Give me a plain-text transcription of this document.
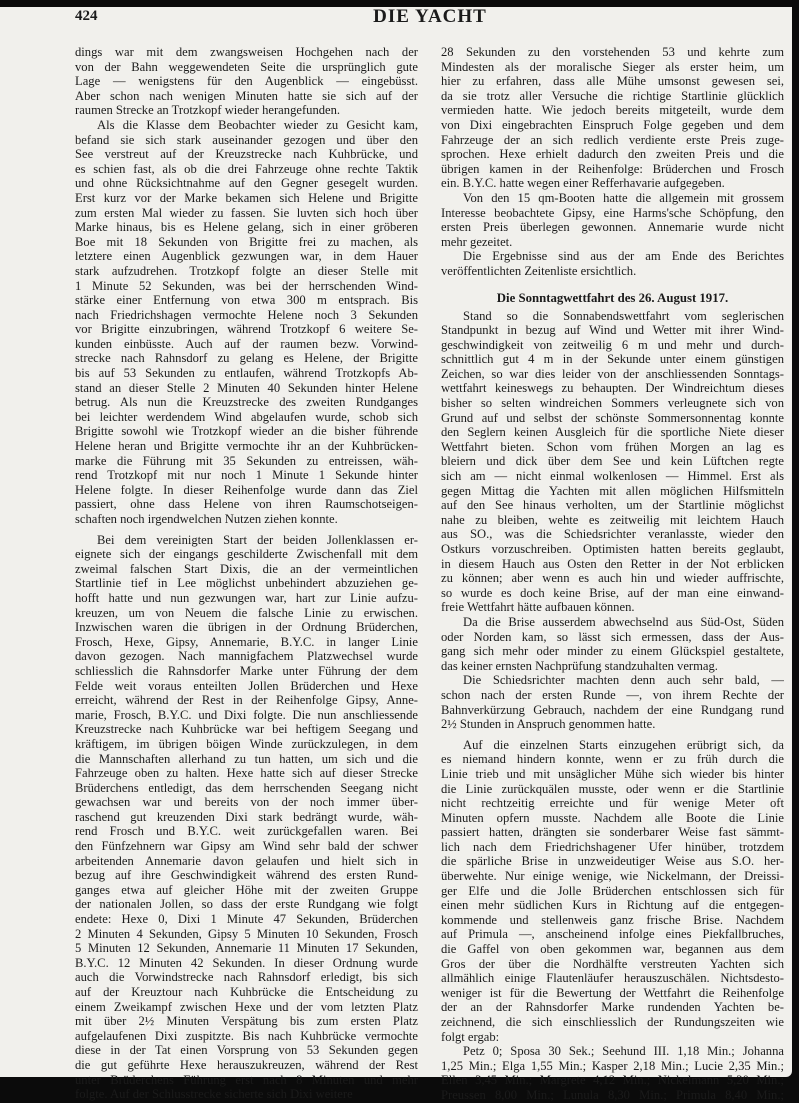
424	DIE YACHT
dings war mit dem zwangsweisen Hochgehen nach der
von der Bahn weggewendeten Seite die ursprünglich gute
Lage — wenigstens für den Augenblick — eingebüsst.
Aber schon nach wenigen Minuten hatte sie sich auf der
raumen Strecke an Trotzkopf wieder herangefunden.
Als die Klasse dem Beobachter wieder zu Gesicht kam,
befand sie sich stark auseinander gezogen und über den
See verstreut auf der Kreuzstrecke nach Kuhbrücke, und
es schien fast, als ob die drei Fahrzeuge ohne rechte Taktik
und ohne Rücksichtnahme auf den Gegner gesegelt wurden.
Erst kurz vor der Marke bekamen sich Helene und Brigitte
zum ersten Mal wieder zu fassen. Sie luvten sich hoch über
Marke hinaus, bis es Helene gelang, sich in einer gröberen
Boe mit 18 Sekunden von Brigitte frei zu machen, als
letztere einen Augenblick gezwungen war, in dem Hauer
stark aufzudrehen. Trotzkopf folgte an dieser Stelle mit
1 Minute 52 Sekunden, was bei der herrschenden Wind-
stärke einer Entfernung von etwa 300 m entsprach. Bis
nach Friedrichshagen vermochte Helene noch 3 Sekunden
vor Brigitte einzubringen, während Trotzkopf 6 weitere Se-
kunden einbüsste. Auch auf der raumen bezw. Vorwind-
strecke nach Rahnsdorf zu gelang es Helene, der Brigitte
bis auf 53 Sekunden zu entlaufen, während Trotzkopfs Ab-
stand an dieser Stelle 2 Minuten 40 Sekunden hinter Helene
betrug. Als nun die Kreuzstrecke des zweiten Rundganges
bei leichter werdendem Wind abgelaufen wurde, schob sich
Brigitte sowohl wie Trotzkopf wieder an die bisher führende
Helene heran und Brigitte vermochte ihr an der Kuhbrücken-
marke die Führung mit 35 Sekunden zu entreissen, wäh-
rend Trotzkopf mit nur noch 1 Minute 1 Sekunde hinter
Helene folgte. In dieser Reihenfolge wurde dann das Ziel
passiert, ohne dass Helene von ihren Raumschotseigen-
schaften noch irgendwelchen Nutzen ziehen konnte.
Bei dem vereinigten Start der beiden Jollenklassen er-
eignete sich der eingangs geschilderte Zwischenfall mit dem
zweimal falschen Start Dixis, die an der vermeintlichen
Startlinie tief in Lee möglichst unbehindert abzuziehen ge-
hofft hatte und nun gezwungen war, hart zur Linie aufzu-
kreuzen, um von Neuem die falsche Linie zu erwischen.
Inzwischen waren die übrigen in der Ordnung Brüderchen,
Frosch, Hexe, Gipsy, Annemarie, B.Y.C. in langer Linie
davon gezogen. Nach mannigfachem Platzwechsel wurde
schliesslich die Rahnsdorfer Marke unter Führung der dem
Felde weit voraus enteilten Jollen Brüderchen und Hexe
erreicht, während der Rest in der Reihenfolge Gipsy, Anne-
marie, Frosch, B.Y.C. und Dixi folgte. Die nun anschliessende
Kreuzstrecke nach Kuhbrücke war bei heftigem Seegang und
kräftigem, im übrigen böigen Winde zurückzulegen, in dem
die Mannschaften allerhand zu tun hatten, um sich und die
Fahrzeuge oben zu halten. Hexe hatte sich auf dieser Strecke
Brüderchens entledigt, das dem herrschenden Seegang nicht
gewachsen war und bereits von der noch immer über-
raschend gut kreuzenden Dixi stark bedrängt wurde, wäh-
rend Frosch und B.Y.C. weit zurückgefallen waren. Bei
den Fünfzehnern war Gipsy am Wind sehr bald der schwer
arbeitenden Annemarie davon gelaufen und hielt sich in
bezug auf ihre Geschwindigkeit während des ersten Rund-
ganges etwa auf gleicher Höhe mit der zweiten Gruppe
der nationalen Jollen, so dass der erste Rundgang wie folgt
endete: Hexe 0, Dixi 1 Minute 47 Sekunden, Brüderchen
2 Minuten 4 Sekunden, Gipsy 5 Minuten 10 Sekunden, Frosch
5 Minuten 12 Sekunden, Annemarie 11 Minuten 17 Sekunden,
B.Y.C. 12 Minuten 42 Sekunden. In dieser Ordnung wurde
auch die Vorwindstrecke nach Rahnsdorf erledigt, bis sich
auf der Kreuztour nach Kuhbrücke die Entscheidung zu
einem Zweikampf zwischen Hexe und der vom letzten Platz
mit über 2½ Minuten Verspätung bis zum ersten Platz
aufgelaufenen Dixi zuspitzte. Bis nach Kuhbrücke vermochte
diese in der Tat einen Vorsprung von 53 Sekunden gegen
die gut geführte Hexe herauszukreuzen, während der Rest
unter Brüderchens Führung erst nach 8 Minuten und mehr
folgte. Auf der Schlusstrecke sicherte sich Dixi weitere
28 Sekunden zu den vorstehenden 53 und kehrte zum
Mindesten als der moralische Sieger als erster heim, um
hier zu erfahren, dass alle Mühe umsonst gewesen sei,
da sie trotz aller Versuche die richtige Startlinie glücklich
vermieden hatte. Wie jedoch bereits mitgeteilt, wurde dem
von Dixi eingebrachten Einspruch Folge gegeben und dem
Fahrzeuge der an sich redlich verdiente erste Preis zuge-
sprochen. Hexe erhielt dadurch den zweiten Preis und die
übrigen kamen in der Reihenfolge: Brüderchen und Frosch
ein. B.Y.C. hatte wegen einer Refferhavarie aufgegeben.
Von den 15 qm-Booten hatte die allgemein mit grossem
Interesse beobachtete Gipsy, eine Harms'sche Schöpfung, den
ersten Preis überlegen gewonnen. Annemarie wurde nicht
mehr gezeitet.
Die Ergebnisse sind aus der am Ende des Berichtes
veröffentlichten Zeitenliste ersichtlich.
Die Sonntagwettfahrt des 26. August 1917.
Stand so die Sonnabendswettfahrt vom seglerischen
Standpunkt in bezug auf Wind und Wetter mit ihrer Wind-
geschwindigkeit von zeitweilig 6 m und mehr und durch-
schnittlich gut 4 m in der Sekunde unter einem günstigen
Zeichen, so war dies leider von der anschliessenden Sonntags-
wettfahrt keineswegs zu behaupten. Der Windreichtum dieses
bisher so selten windreichen Sommers verleugnete sich von
Grund auf und selbst der schönste Sommersonnentag konnte
den Seglern keinen Ausgleich für die sportliche Niete dieser
Wettfahrt bieten. Schon vom frühen Morgen an lag es
bleiern und dick über dem See und kein Lüftchen regte
sich am — nicht einmal wolkenlosen — Himmel. Erst als
gegen Mittag die Yachten mit allen möglichen Hilfsmitteln
auf den See hinaus verholten, um der Startlinie möglichst
nahe zu bleiben, wehte es zeitweilig mit leichtem Hauch
aus SO., was die Schiedsrichter veranlasste, wieder den
Ostkurs vorzuschreiben. Optimisten hatten bereits geglaubt,
in diesem Hauch aus Osten den Retter in der Not erblicken
zu können; aber wenn es auch hin und wieder auffrischte,
so wurde es doch keine Brise, auf der man eine einwand-
freie Wettfahrt hätte aufbauen können.
Da die Brise ausserdem abwechselnd aus Süd-Ost, Süden
oder Norden kam, so lässt sich ermessen, dass der Aus-
gang sich mehr oder minder zu einem Glückspiel gestaltete,
das keiner ernsten Nachprüfung standzuhalten vermag.
Die Schiedsrichter machten denn auch sehr bald, —
schon nach der ersten Runde —, von ihrem Rechte der
Bahnverkürzung Gebrauch, nachdem der eine Rundgang rund
2½ Stunden in Anspruch genommen hatte.
Auf die einzelnen Starts einzugehen erübrigt sich, da
es niemand hindern konnte, wenn er zu früh durch die
Linie trieb und mit unsäglicher Mühe sich wieder bis hinter
die Linie zurückquälen musste, oder wenn er die Startlinie
nicht rechtzeitig erreichte und für wenige Meter oft
Minuten opfern musste. Nachdem alle Boote die Linie
passiert hatten, drängten sie sonderbarer Weise fast sämmt-
lich nach dem Friedrichshagener Ufer hinüber, trotzdem
die spärliche Brise in unzweideutiger Weise aus S.O. her-
überwehte. Nur einige wenige, wie Nickelmann, der Dreissi-
ger Elfe und die Jolle Brüderchen entschlossen sich für
einen mehr südlichen Kurs in Richtung auf die entgegen-
kommende und stellenweis ganz frische Brise. Nachdem
auf Primula —, anscheinend infolge eines Piekfallbruches,
die Gaffel von oben gekommen war, begannen aus dem
Gros der über die Nordhälfte verstreuten Yachten sich
allmählich einige Flautenläufer herauszuschälen. Nichtsdesto-
weniger ist für die Bewertung der Wettfahrt die Reihenfolge
der an der Rahnsdorfer Marke rundenden Yachten be-
zeichnend, die sich einschliesslich der Rundungszeiten wie
folgt ergab:
Petz 0; Sposa 30 Sek.; Seehund III. 1,18 Min.; Johanna
1,25 Min.; Elga 1,55 Min.; Kasper 2,18 Min.; Lucie 2,35 Min.;
Ellen 3,45 Min.; Margrete 4,12 Min.; Nickelmann 5,20 Min.;
Preussen 8,00 Min.; Lunula 8,30 Min.; Primula 8,40 Min.;
